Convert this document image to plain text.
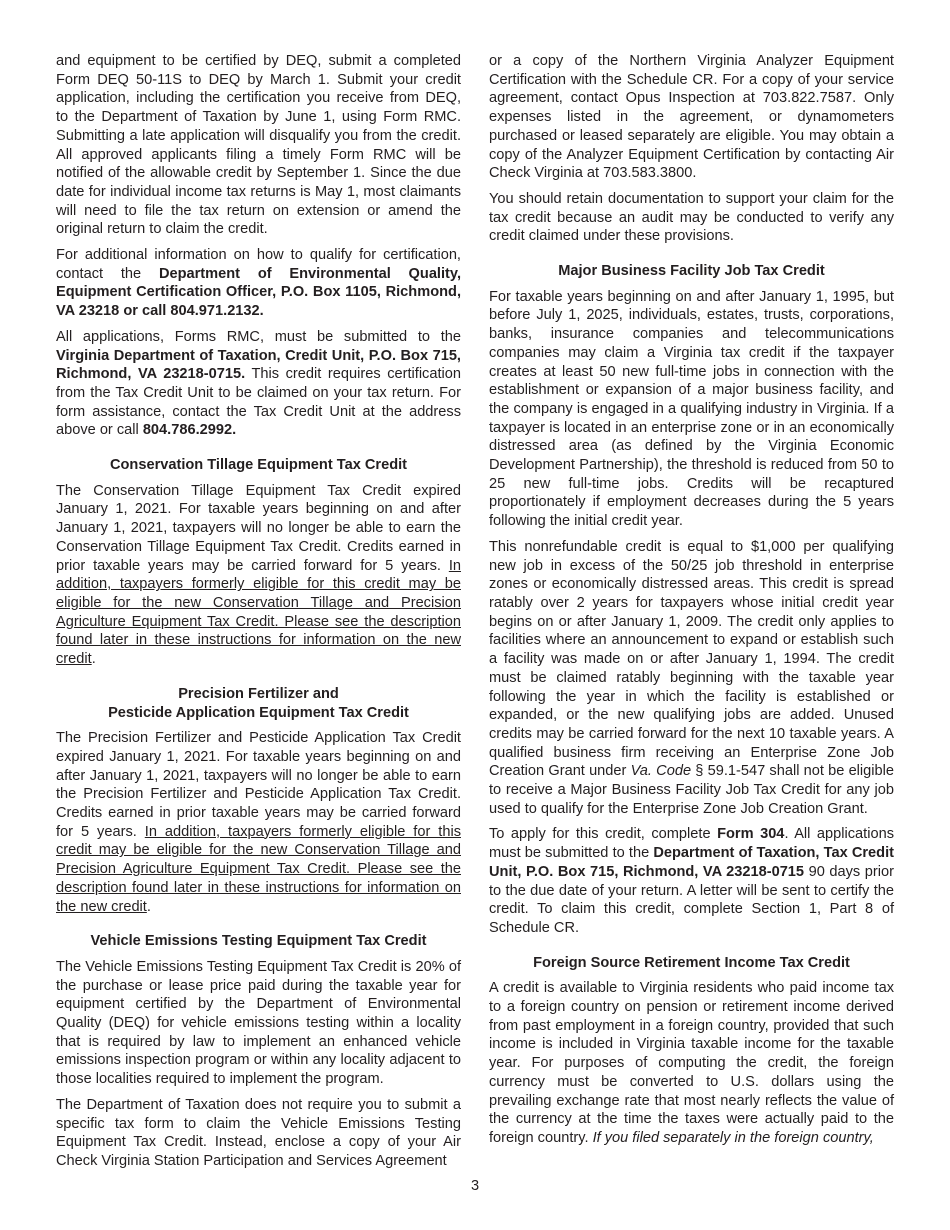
and equipment to be certified by DEQ, submit a completed Form DEQ 50-11S to DEQ by March 1. Submit your credit application, including the certification you receive from DEQ, to the Department of Taxation by June 1, using Form RMC. Submitting a late application will disqualify you from the credit. All approved applicants filing a timely Form RMC will be notified of the allowable credit by September 1. Since the due date for individual income tax returns is May 1, most claimants will need to file the tax return on extension or amend the original return to claim the credit.

For additional information on how to qualify for certification, contact the Department of Environmental Quality, Equipment Certification Officer, P.O. Box 1105, Richmond, VA 23218 or call 804.971.2132.

All applications, Forms RMC, must be submitted to the Virginia Department of Taxation, Credit Unit, P.O. Box 715, Richmond, VA 23218-0715. This credit requires certification from the Tax Credit Unit to be claimed on your tax return. For form assistance, contact the Tax Credit Unit at the address above or call 804.786.2992.

Conservation Tillage Equipment Tax Credit

The Conservation Tillage Equipment Tax Credit expired January 1, 2021. For taxable years beginning on and after January 1, 2021, taxpayers will no longer be able to earn the Conservation Tillage Equipment Tax Credit. Credits earned in prior taxable years may be carried forward for 5 years. In addition, taxpayers formerly eligible for this credit may be eligible for the new Conservation Tillage and Precision Agriculture Equipment Tax Credit. Please see the description found later in these instructions for information on the new credit.

Precision Fertilizer and
Pesticide Application Equipment Tax Credit

The Precision Fertilizer and Pesticide Application Tax Credit expired January 1, 2021. For taxable years beginning on and after January 1, 2021, taxpayers will no longer be able to earn the Precision Fertilizer and Pesticide Application Tax Credit. Credits earned in prior taxable years may be carried forward for 5 years. In addition, taxpayers formerly eligible for this credit may be eligible for the new Conservation Tillage and Precision Agriculture Equipment Tax Credit. Please see the description found later in these instructions for information on the new credit.

Vehicle Emissions Testing Equipment Tax Credit

The Vehicle Emissions Testing Equipment Tax Credit is 20% of the purchase or lease price paid during the taxable year for equipment certified by the Department of Environmental Quality (DEQ) for vehicle emissions testing within a locality that is required by law to implement an enhanced vehicle emissions inspection program or within any locality adjacent to those localities required to implement the program.

The Department of Taxation does not require you to submit a specific tax form to claim the Vehicle Emissions Testing Equipment Tax Credit. Instead, enclose a copy of your Air Check Virginia Station Participation and Services Agreement

or a copy of the Northern Virginia Analyzer Equipment Certification with the Schedule CR. For a copy of your service agreement, contact Opus Inspection at 703.822.7587. Only expenses listed in the agreement, or dynamometers purchased or leased separately are eligible. You may obtain a copy of the Analyzer Equipment Certification by contacting Air Check Virginia at 703.583.3800.

You should retain documentation to support your claim for the tax credit because an audit may be conducted to verify any credit claimed under these provisions.

Major Business Facility Job Tax Credit

For taxable years beginning on and after January 1, 1995, but before July 1, 2025, individuals, estates, trusts, corporations, banks, insurance companies and telecommunications companies may claim a Virginia tax credit if the taxpayer creates at least 50 new full-time jobs in connection with the establishment or expansion of a major business facility, and the company is engaged in a qualifying industry in Virginia. If a taxpayer is located in an enterprise zone or in an economically distressed area (as defined by the Virginia Economic Development Partnership), the threshold is reduced from 50 to 25 new full-time jobs. Credits will be recaptured proportionately if employment decreases during the 5 years following the initial credit year.

This nonrefundable credit is equal to $1,000 per qualifying new job in excess of the 50/25 job threshold in enterprise zones or economically distressed areas. This credit is spread ratably over 2 years for taxpayers whose initial credit year begins on or after January 1, 2009. The credit only applies to facilities where an announcement to expand or establish such a facility was made on or after January 1, 1994. The credit must be claimed ratably beginning with the taxable year following the year in which the facility is established or expanded, or the new qualifying jobs are added. Unused credits may be carried forward for the next 10 taxable years. A qualified business firm receiving an Enterprise Zone Job Creation Grant under Va. Code § 59.1-547 shall not be eligible to receive a Major Business Facility Job Tax Credit for any job used to qualify for the Enterprise Zone Job Creation Grant.

To apply for this credit, complete Form 304. All applications must be submitted to the Department of Taxation, Tax Credit Unit, P.O. Box 715, Richmond, VA 23218-0715 90 days prior to the due date of your return. A letter will be sent to certify the credit. To claim this credit, complete Section 1, Part 8 of Schedule CR.

Foreign Source Retirement Income Tax Credit

A credit is available to Virginia residents who paid income tax to a foreign country on pension or retirement income derived from past employment in a foreign country, provided that such income is included in Virginia taxable income for the taxable year. For purposes of computing the credit, the foreign currency must be converted to U.S. dollars using the prevailing exchange rate that most nearly reflects the value of the currency at the time the taxes were actually paid to the foreign country. If you filed separately in the foreign country,

3
